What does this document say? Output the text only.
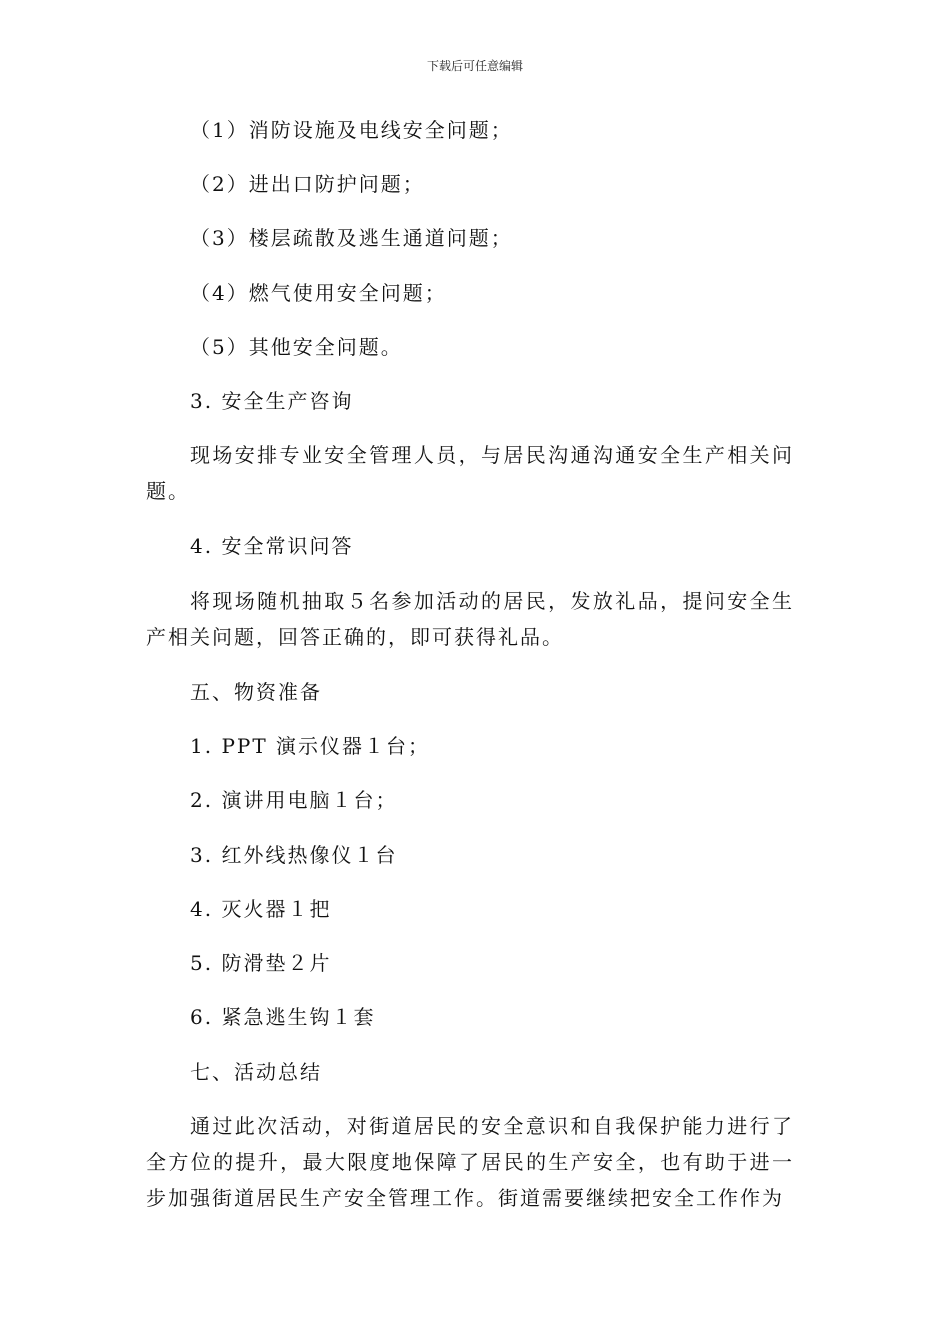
下载后可任意编辑
（1）消防设施及电线安全问题；
（2）进出口防护问题；
（3）楼层疏散及逃生通道问题；
（4）燃气使用安全问题；
（5）其他安全问题。
3. 安全生产咨询
现场安排专业安全管理人员，与居民沟通沟通安全生产相关问题。
4. 安全常识问答
将现场随机抽取５名参加活动的居民，发放礼品，提问安全生产相关问题，回答正确的，即可获得礼品。
五、物资准备
1. PPT 演示仪器１台；
2. 演讲用电脑１台；
3. 红外线热像仪１台
4. 灭火器１把
5. 防滑垫２片
6. 紧急逃生钩１套
七、活动总结
通过此次活动，对街道居民的安全意识和自我保护能力进行了全方位的提升，最大限度地保障了居民的生产安全，也有助于进一步加强街道居民生产安全管理工作。街道需要继续把安全工作作为
